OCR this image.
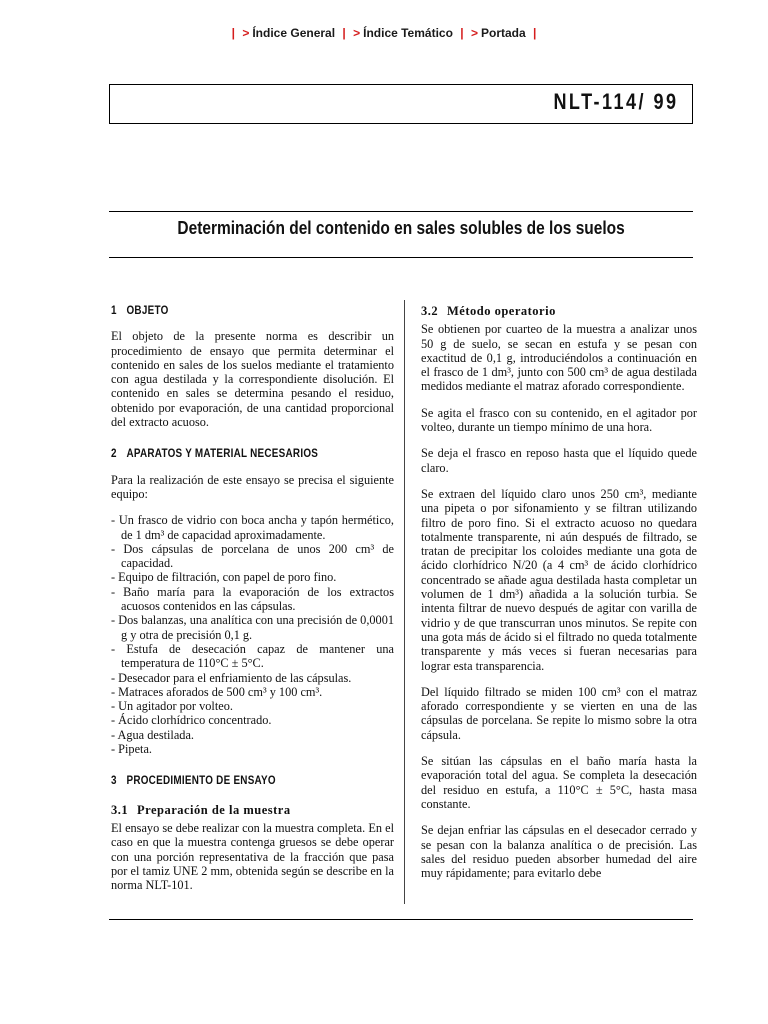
| > Índice General | > Índice Temático | > Portada |
NLT-114/ 99
Determinación del contenido en sales solubles de los suelos
1 OBJETO

El objeto de la presente norma es describir un procedimiento de ensayo que permita determinar el contenido en sales de los suelos mediante el tratamiento con agua destilada y la correspondiente disolución. El contenido en sales se determina pesando el residuo, obtenido por evaporación, de una cantidad proporcional del extracto acuoso.

2 APARATOS Y MATERIAL NECESARIOS

Para la realización de este ensayo se precisa el siguiente equipo:

- Un frasco de vidrio con boca ancha y tapón hermético, de 1 dm³ de capacidad aproximadamente.
- Dos cápsulas de porcelana de unos 200 cm³ de capacidad.
- Equipo de filtración, con papel de poro fino.
- Baño maría para la evaporación de los extractos acuosos contenidos en las cápsulas.
- Dos balanzas, una analítica con una precisión de 0,0001 g y otra de precisión 0,1 g.
- Estufa de desecación capaz de mantener una temperatura de 110°C ± 5°C.
- Desecador para el enfriamiento de las cápsulas.
- Matraces aforados de 500 cm³ y 100 cm³.
- Un agitador por volteo.
- Ácido clorhídrico concentrado.
- Agua destilada.
- Pipeta.
3 PROCEDIMIENTO DE ENSAYO
3.1 Preparación de la muestra

El ensayo se debe realizar con la muestra completa. En el caso en que la muestra contenga gruesos se debe operar con una porción representativa de la fracción que pasa por el tamiz UNE 2 mm, obtenida según se describe en la norma NLT-101.

3.2 Método operatorio

Se obtienen por cuarteo de la muestra a analizar unos 50 g de suelo, se secan en estufa y se pesan con exactitud de 0,1 g, introduciéndolos a continuación en el frasco de 1 dm³, junto con 500 cm³ de agua destilada medidos mediante el matraz aforado correspondiente.

Se agita el frasco con su contenido, en el agitador por volteo, durante un tiempo mínimo de una hora.

Se deja el frasco en reposo hasta que el líquido quede claro.

Se extraen del líquido claro unos 250 cm³, mediante una pipeta o por sifonamiento y se filtran utilizando filtro de poro fino. Si el extracto acuoso no quedara totalmente transparente, ni aún después de filtrado, se tratan de precipitar los coloides mediante una gota de ácido clorhídrico N/20 (a 4 cm³ de ácido clorhídrico concentrado se añade agua destilada hasta completar un volumen de 1 dm³) añadida a la solución turbia. Se intenta filtrar de nuevo después de agitar con varilla de vidrio y de que transcurran unos minutos. Se repite con una gota más de ácido si el filtrado no queda totalmente transparente y más veces si fueran necesarias para lograr esta transparencia.

Del líquido filtrado se miden 100 cm³ con el matraz aforado correspondiente y se vierten en una de las cápsulas de porcelana. Se repite lo mismo sobre la otra cápsula.

Se sitúan las cápsulas en el baño maría hasta la evaporación total del agua. Se completa la desecación del residuo en estufa, a 110°C ± 5°C, hasta masa constante.

Se dejan enfriar las cápsulas en el desecador cerrado y se pesan con la balanza analítica o de precisión. Las sales del residuo pueden absorber humedad del aire muy rápidamente; para evitarlo debe
